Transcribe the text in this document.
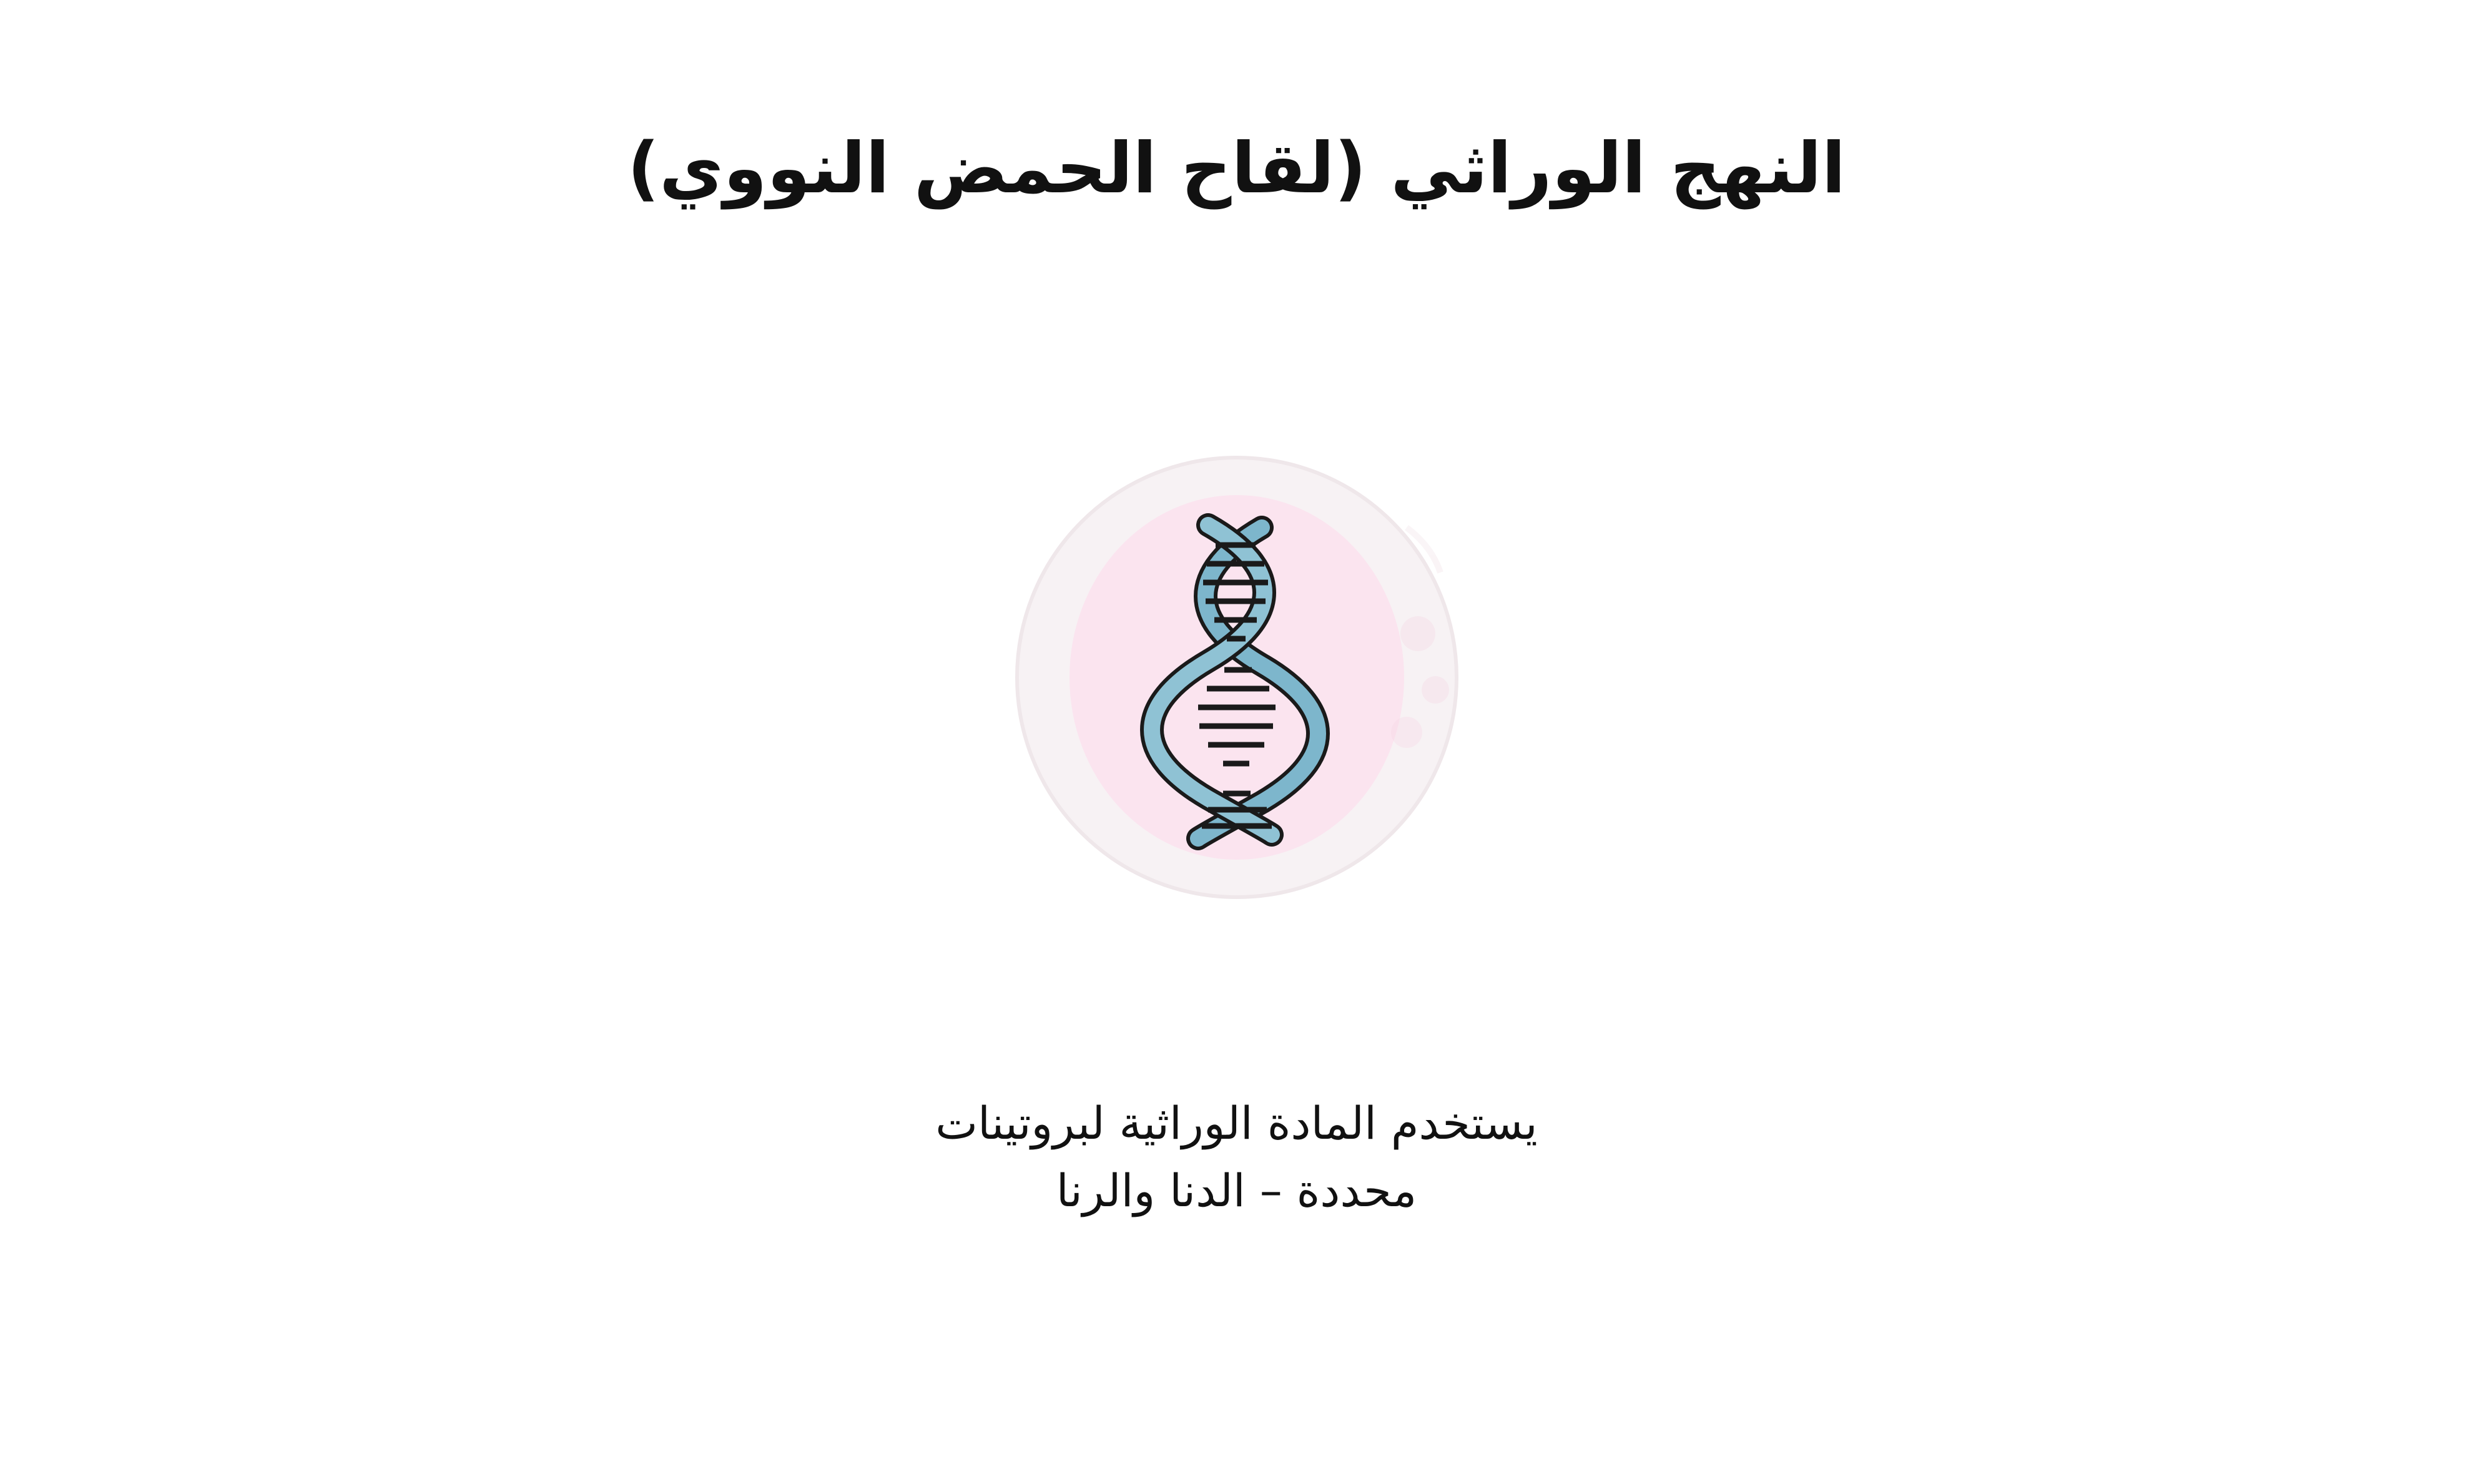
النهج الوراثي (لقاح الحمض النووي)
يستخدم المادة الوراثية لبروتينات
محددة – الدنا والرنا
